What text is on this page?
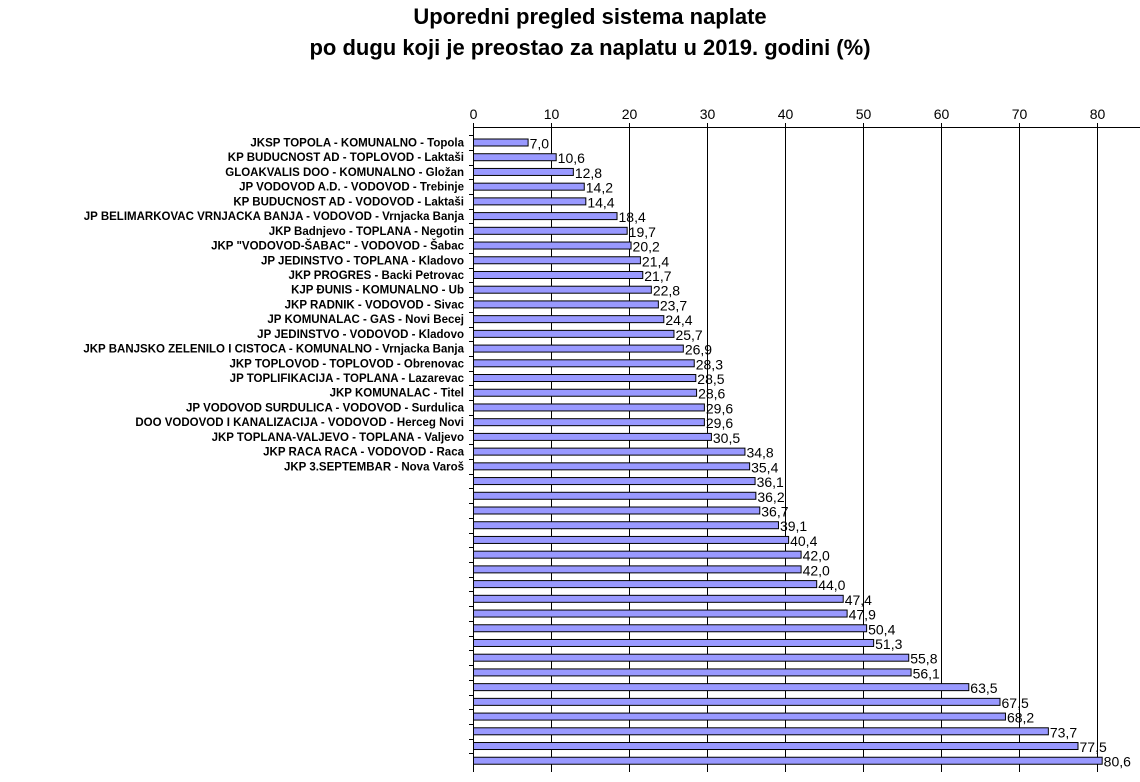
Uporedni pregled sistema naplate
po dugu koji je preostao za naplatu u 2019. godini (%)
0	10	20	30	40	50	60	70	80
7,0
JKSP TOPOLA - KOMUNALNO - Topola
10,6
KP BUDUCNOST AD - TOPLOVOD - Laktaši
12,8
GLOAKVALIS DOO - KOMUNALNO - Gložan
14,2
JP VODOVOD A.D. - VODOVOD - Trebinje
14,4
KP BUDUCNOST AD - VODOVOD - Laktaši
18,4
JP BELIMARKOVAC VRNJACKA BANJA - VODOVOD - Vrnjacka Banja
19,7
JKP Badnjevo - TOPLANA - Negotin
20,2
JKP "VODOVOD-ŠABAC" - VODOVOD - Šabac
21,4
JP JEDINSTVO - TOPLANA - Kladovo
21,7
JKP PROGRES - Backi Petrovac
22,8
KJP ĐUNIS - KOMUNALNO - Ub
23,7
JKP RADNIK - VODOVOD - Sivac
24,4
JP KOMUNALAC - GAS - Novi Becej
25,7
JP JEDINSTVO - VODOVOD - Kladovo
26,9
JKP BANJSKO ZELENILO I CISTOCA - KOMUNALNO - Vrnjacka Banja
28,3
JKP TOPLOVOD - TOPLOVOD - Obrenovac
28,5
JP TOPLIFIKACIJA - TOPLANA - Lazarevac
28,6
JKP KOMUNALAC - Titel
29,6
JP VODOVOD SURDULICA - VODOVOD - Surdulica
29,6
DOO VODOVOD I KANALIZACIJA - VODOVOD - Herceg Novi
30,5
JKP TOPLANA-VALJEVO - TOPLANA - Valjevo
34,8
JKP RACA RACA - VODOVOD - Raca
35,4
JKP 3.SEPTEMBAR - Nova Varoš
36,1
36,2
36,7
39,1
40,4
42,0
42,0
44,0
47,4
47,9
50,4
51,3
55,8
56,1
63,5
67,5
68,2
73,7
77,5
80,6
